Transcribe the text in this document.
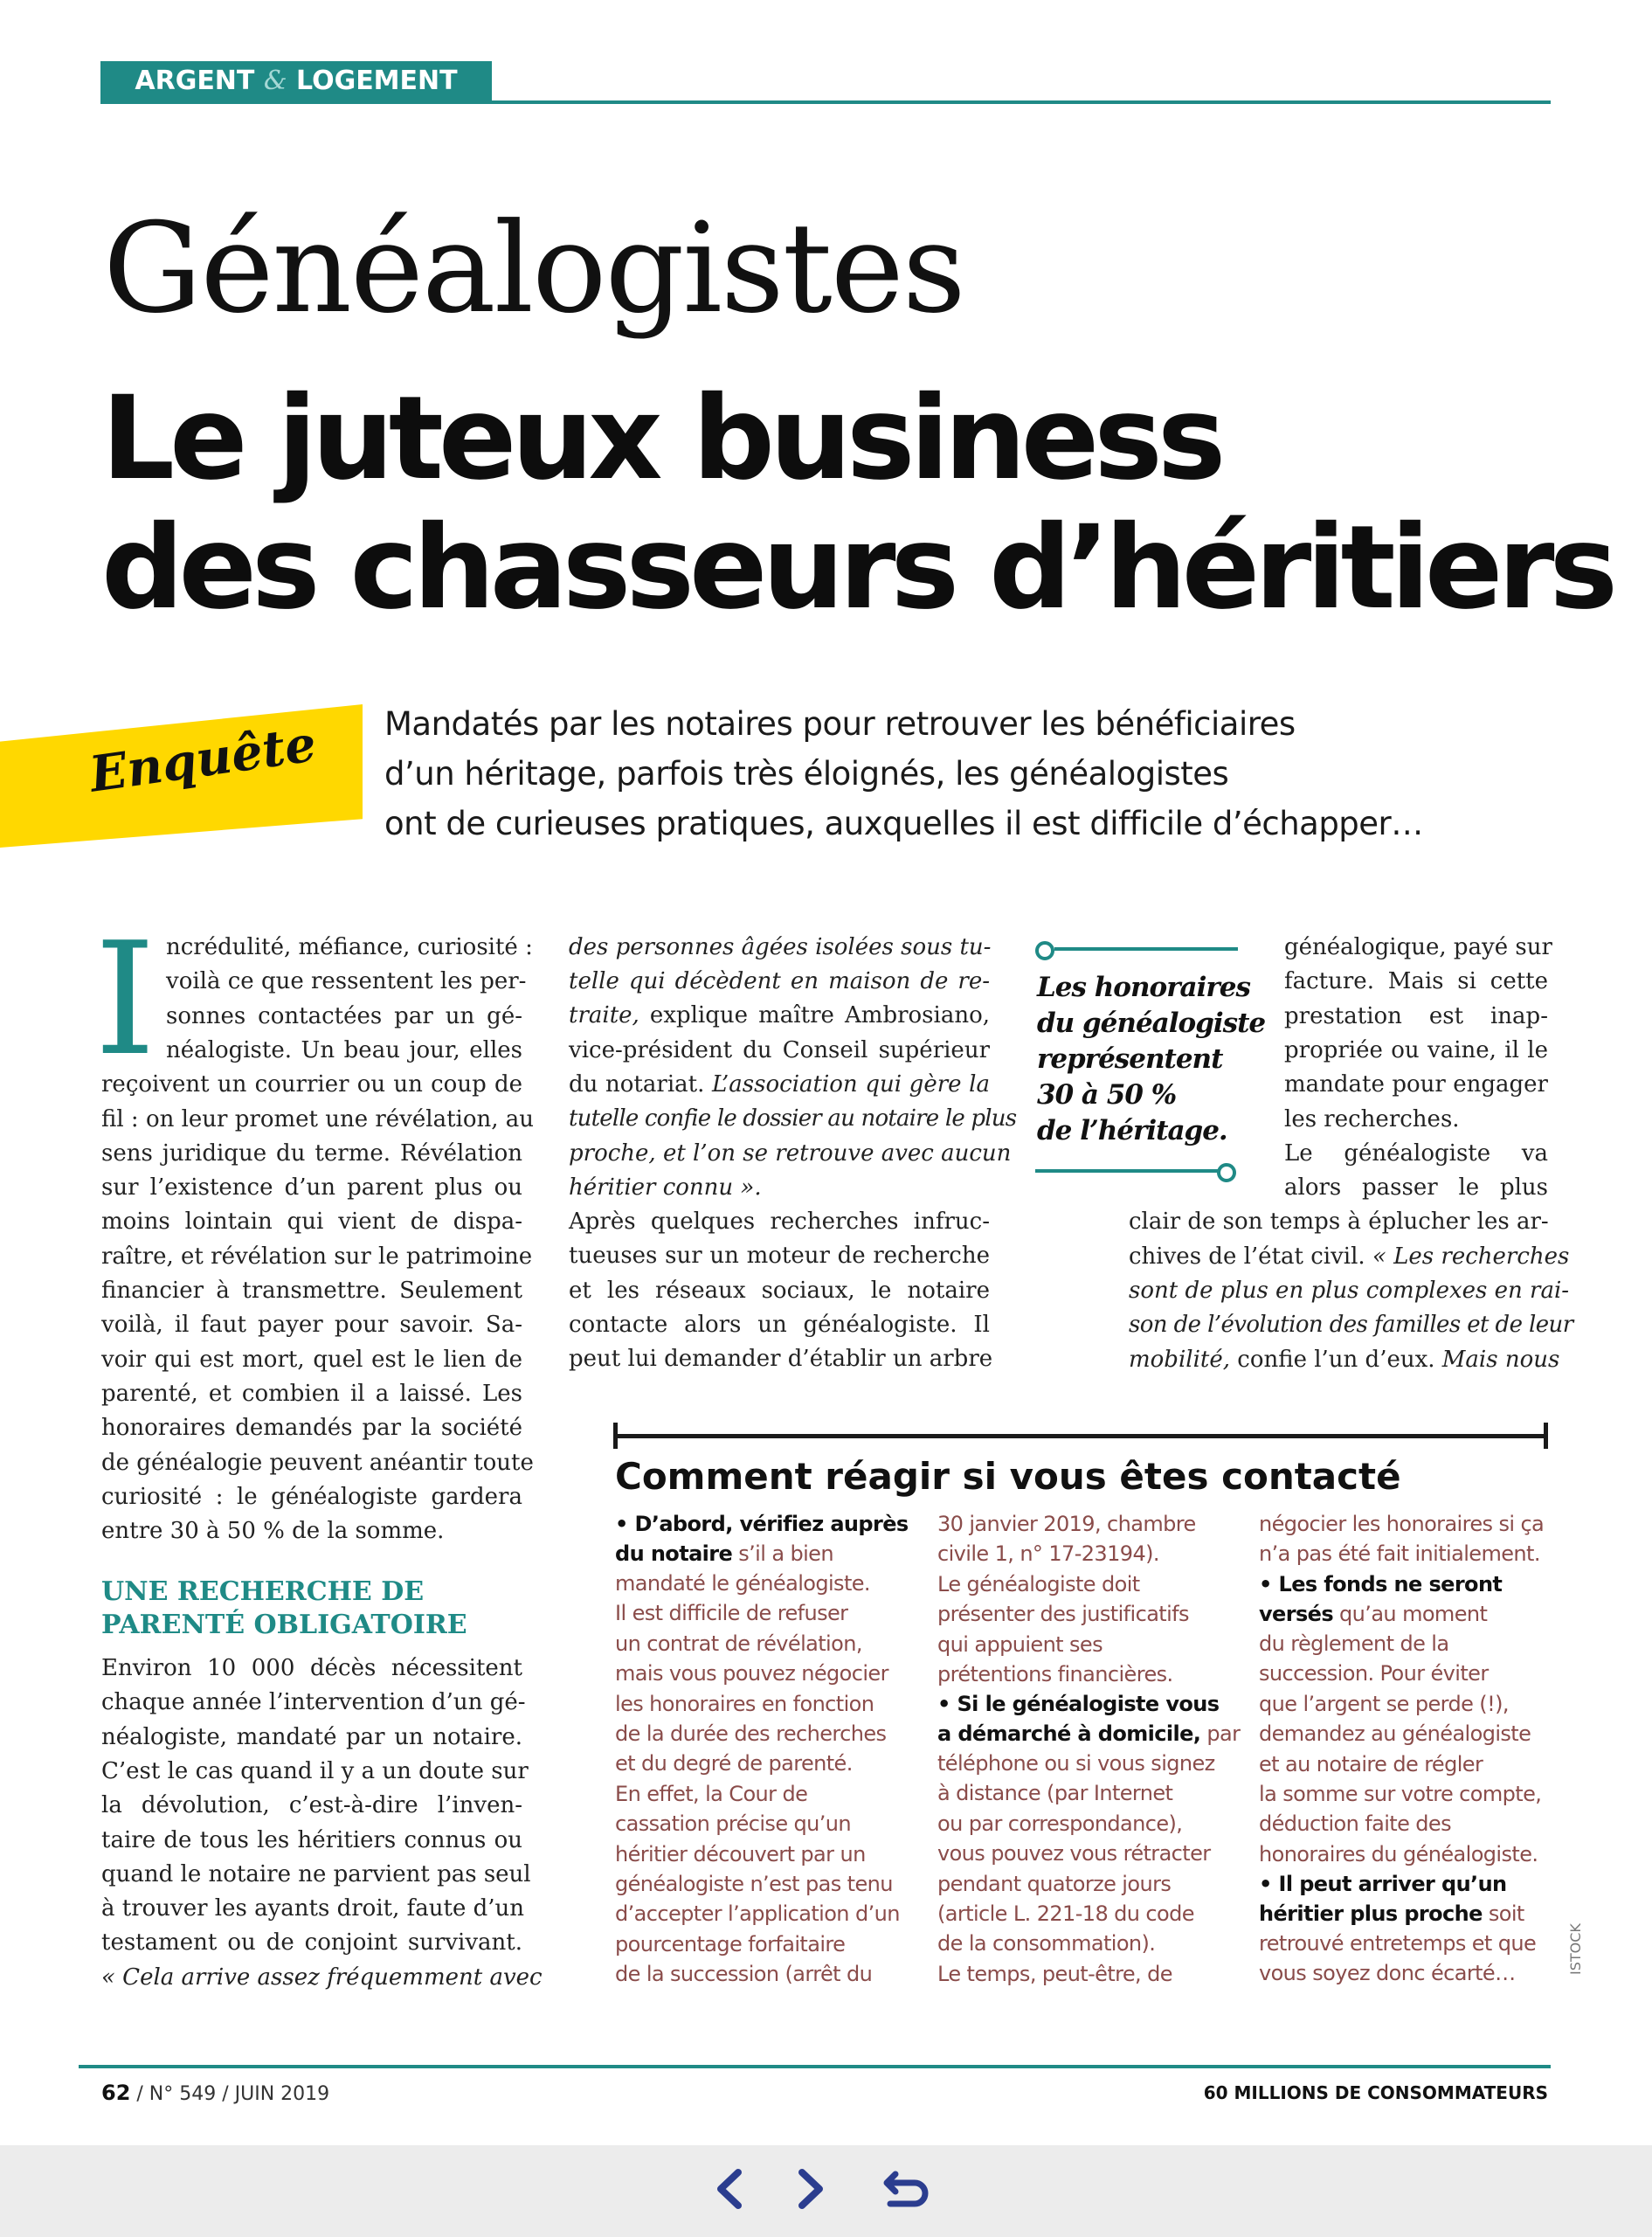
ARGENT & LOGEMENT
Généalogistes
Le juteux business
des chasseurs d’héritiers
Enquête Mandatés par les notaires pour retrouver les bénéficiaires
d’un héritage, parfois très éloignés, les généalogistes
ont de curieuses pratiques, auxquelles il est difficile d’échapper…
I ncrédulité, méfiance, curiosité :
voilà ce que ressentent les per-
sonnes contactées par un gé-
néalogiste. Un beau jour, elles
reçoivent un courrier ou un coup de
fil : on leur promet une révélation, au
sens juridique du terme. Révélation
sur l’existence d’un parent plus ou
moins lointain qui vient de dispa-
raître, et révélation sur le patrimoine
financier à transmettre. Seulement
voilà, il faut payer pour savoir. Sa-
voir qui est mort, quel est le lien de
parenté, et combien il a laissé. Les
honoraires demandés par la société
de généalogie peuvent anéantir toute
curiosité : le généalogiste gardera
entre 30 à 50 % de la somme.
UNE RECHERCHE DE
PARENTÉ OBLIGATOIRE
Environ 10 000 décès nécessitent
chaque année l’intervention d’un gé-
néalogiste, mandaté par un notaire.
C’est le cas quand il y a un doute sur
la dévolution, c’est-à-dire l’inven-
taire de tous les héritiers connus ou
quand le notaire ne parvient pas seul
à trouver les ayants droit, faute d’un
testament ou de conjoint survivant.
« Cela arrive assez fréquemment avec
des personnes âgées isolées sous tu-
telle qui décèdent en maison de re-
traite, explique maître Ambrosiano,
vice-président du Conseil supérieur
du notariat. L’association qui gère la
tutelle confie le dossier au notaire le plus
proche, et l’on se retrouve avec aucun
héritier connu ».
Après quelques recherches infruc-
tueuses sur un moteur de recherche
et les réseaux sociaux, le notaire
contacte alors un généalogiste. Il
peut lui demander d’établir un arbre
Les honoraires
du généalogiste
représentent
30 à 50 %
de l’héritage.
généalogique, payé sur
facture. Mais si cette
prestation est inap-
propriée ou vaine, il le
mandate pour engager
les recherches.
Le généalogiste va
alors passer le plus
clair de son temps à éplucher les ar-
chives de l’état civil. « Les recherches
sont de plus en plus complexes en rai-
son de l’évolution des familles et de leur
mobilité, confie l’un d’eux. Mais nous
Comment réagir si vous êtes contacté
• D’abord, vérifiez auprès
du notaire s’il a bien
mandaté le généalogiste.
Il est difficile de refuser
un contrat de révélation,
mais vous pouvez négocier
les honoraires en fonction
de la durée des recherches
et du degré de parenté.
En effet, la Cour de
cassation précise qu’un
héritier découvert par un
généalogiste n’est pas tenu
d’accepter l’application d’un
pourcentage forfaitaire
de la succession (arrêt du
30 janvier 2019, chambre
civile 1, n° 17-23194).
Le généalogiste doit
présenter des justificatifs
qui appuient ses
prétentions financières.
• Si le généalogiste vous
a démarché à domicile, par
téléphone ou si vous signez
à distance (par Internet
ou par correspondance),
vous pouvez vous rétracter
pendant quatorze jours
(article L. 221-18 du code
de la consommation).
Le temps, peut-être, de
négocier les honoraires si ça
n’a pas été fait initialement.
• Les fonds ne seront
versés qu’au moment
du règlement de la
succession. Pour éviter
que l’argent se perde (!),
demandez au généalogiste
et au notaire de régler
la somme sur votre compte,
déduction faite des
honoraires du généalogiste.
• Il peut arriver qu’un
héritier plus proche soit
retrouvé entretemps et que
vous soyez donc écarté…	ISTOCK
62 / N° 549 / JUIN 2019	60 MILLIONS DE CONSOMMATEURS
